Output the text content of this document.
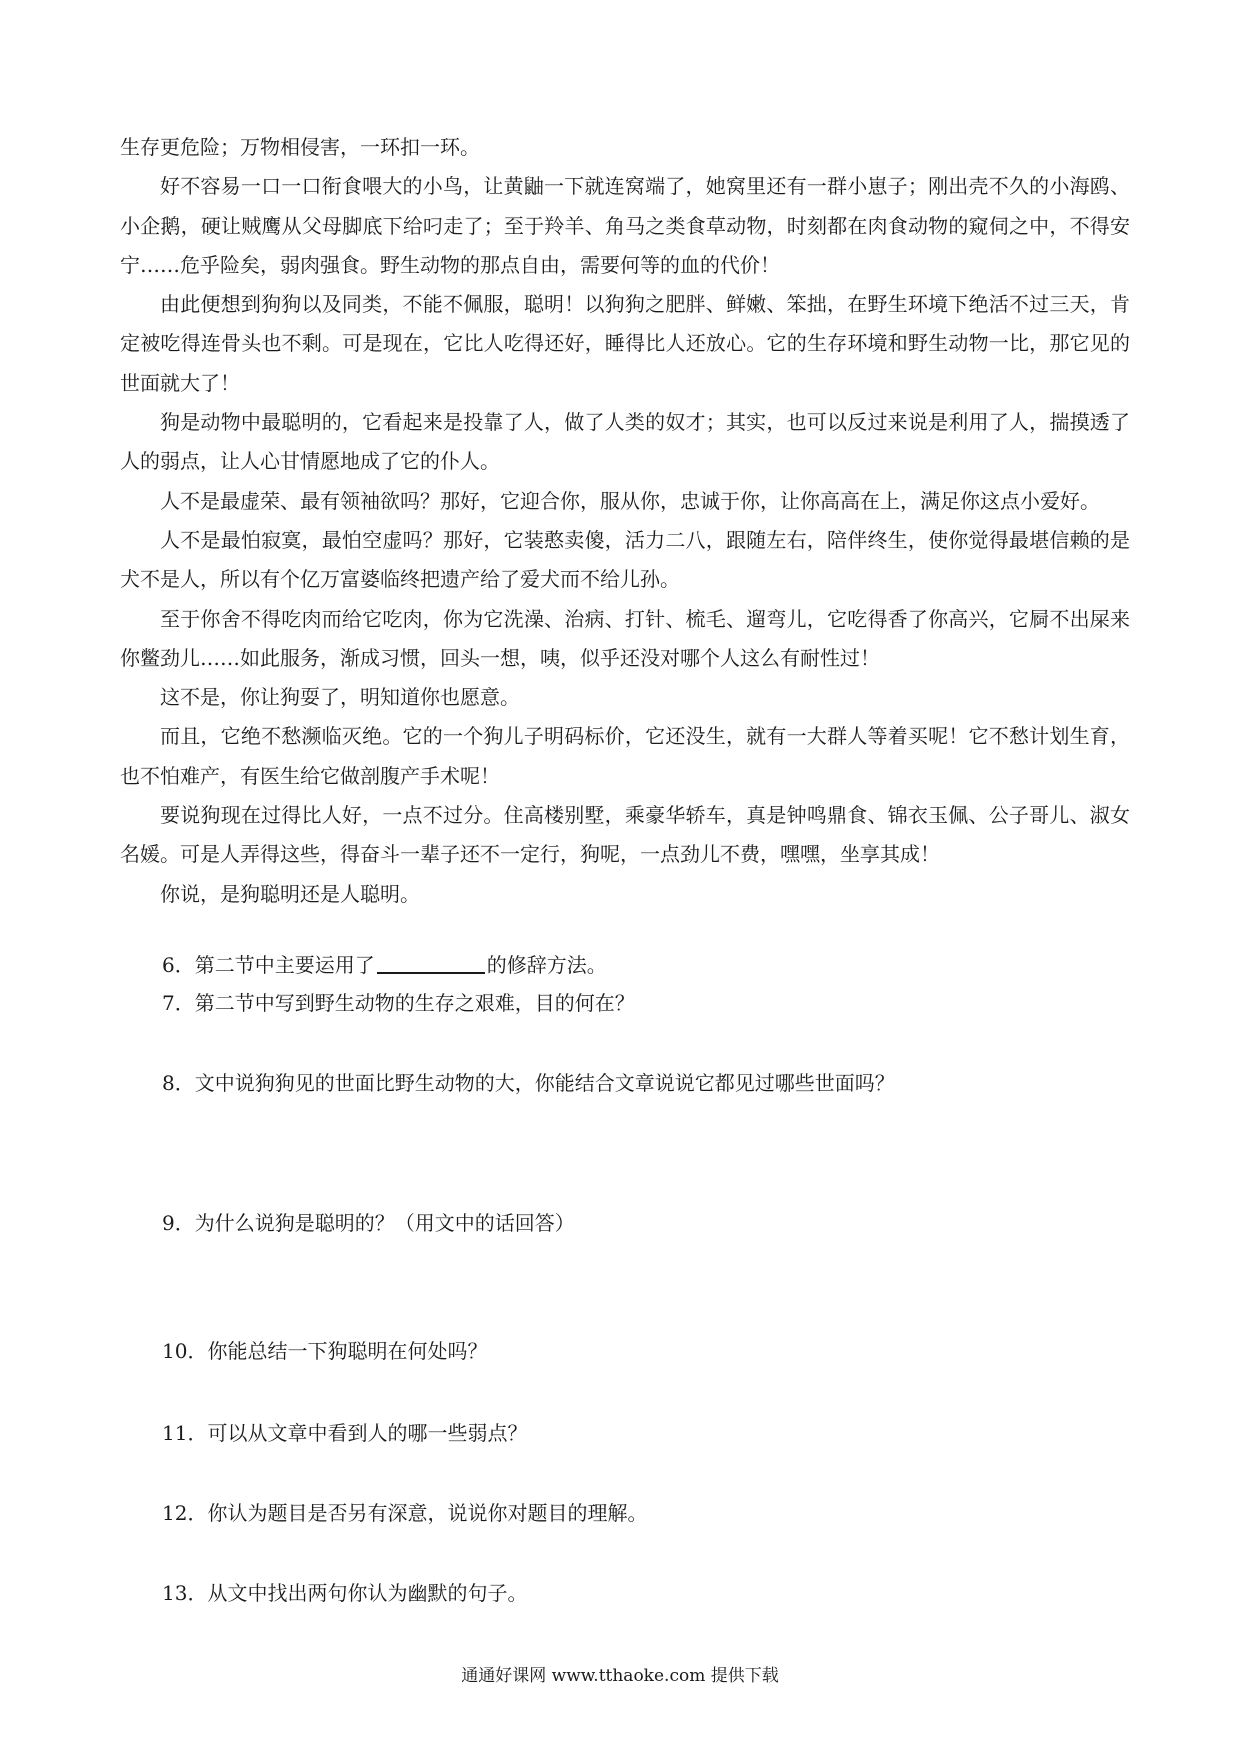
生存更危险；万物相侵害，一环扣一环。

好不容易一口一口衔食喂大的小鸟，让黄鼬一下就连窝端了，她窝里还有一群小崽子；刚出壳不久的小海鸥、小企鹅，硬让贼鹰从父母脚底下给叼走了；至于羚羊、角马之类食草动物，时刻都在肉食动物的窥伺之中，不得安宁……危乎险矣，弱肉强食。野生动物的那点自由，需要何等的血的代价！

由此便想到狗狗以及同类，不能不佩服，聪明！以狗狗之肥胖、鲜嫩、笨拙，在野生环境下绝活不过三天，肯定被吃得连骨头也不剩。可是现在，它比人吃得还好，睡得比人还放心。它的生存环境和野生动物一比，那它见的世面就大了！

狗是动物中最聪明的，它看起来是投靠了人，做了人类的奴才；其实，也可以反过来说是利用了人，揣摸透了人的弱点，让人心甘情愿地成了它的仆人。

人不是最虚荣、最有领袖欲吗？那好，它迎合你，服从你，忠诚于你，让你高高在上，满足你这点小爱好。

人不是最怕寂寞，最怕空虚吗？那好，它装憨卖傻，活力二八，跟随左右，陪伴终生，使你觉得最堪信赖的是犬不是人，所以有个亿万富婆临终把遗产给了爱犬而不给儿孙。

至于你舍不得吃肉而给它吃肉，你为它洗澡、治病、打针、梳毛、遛弯儿，它吃得香了你高兴，它屙不出屎来你鳖劲儿……如此服务，渐成习惯，回头一想，咦，似乎还没对哪个人这么有耐性过！

这不是，你让狗耍了，明知道你也愿意。

而且，它绝不愁濒临灭绝。它的一个狗儿子明码标价，它还没生，就有一大群人等着买呢！它不愁计划生育，也不怕难产，有医生给它做剖腹产手术呢！

要说狗现在过得比人好，一点不过分。住高楼别墅，乘豪华轿车，真是钟鸣鼎食、锦衣玉佩、公子哥儿、淑女名媛。可是人弄得这些，得奋斗一辈子还不一定行，狗呢，一点劲儿不费，嘿嘿，坐享其成！

你说，是狗聪明还是人聪明。

6．第二节中主要运用了	的修辞方法。
7．第二节中写到野生动物的生存之艰难，目的何在？
8．文中说狗狗见的世面比野生动物的大，你能结合文章说说它都见过哪些世面吗？
9．为什么说狗是聪明的？（用文中的话回答）
10．你能总结一下狗聪明在何处吗？
11．可以从文章中看到人的哪一些弱点？
12．你认为题目是否另有深意，说说你对题目的理解。
13．从文中找出两句你认为幽默的句子。
通通好课网 www.tthaoke.com 提供下载
